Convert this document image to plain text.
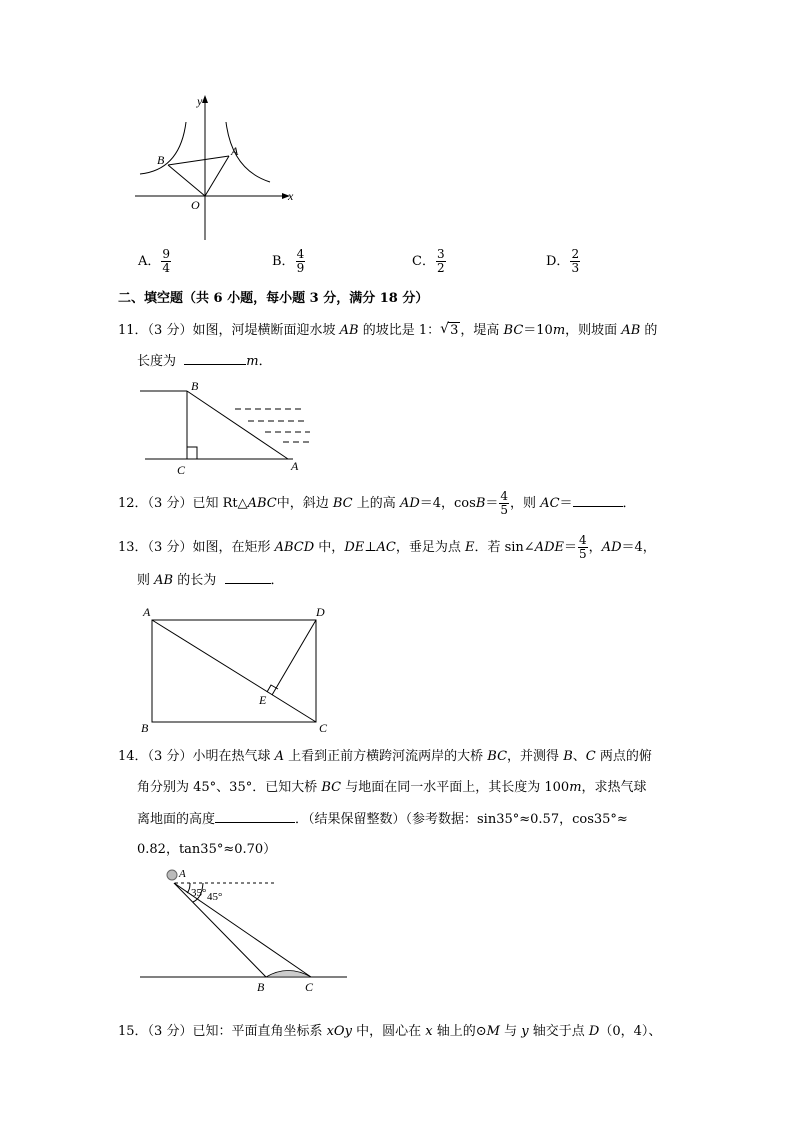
y
x
B
A
O
A． $\frac{9}{4}$	B． $\frac{4}{9}$	C． $\frac{3}{2}$	D． $\frac{2}{3}$
二、填空题（共 6 小题，每小题 3 分，满分 18 分）
11．（3 分）如图，河堤横断面迎水坡 AB 的坡比是 1： √ 3 ，堤高 BC＝10m，则坡面 AB 的
长度为	m．
B
C	A
12．（3 分）已知 Rt△ABC中，斜边 BC 上的高 AD＝4，$\cos B= \frac{4}{5}$ ，则 AC＝	．
13．（3 分）如图，在矩形 ABCD 中，DE⊥AC，垂足为点 E．若 sin∠ADE＝ $\frac{4}{5}$ ，AD＝4，
则 AB 的长为	．
A	D
B	C
E
14．（3 分）小明在热气球 A 上看到正前方横跨河流两岸的大桥 BC，并测得 B、C 两点的俯
角分别为 45°、35°．已知大桥 BC 与地面在同一水平面上，其长度为 100m，求热气球
离地面的高度	．（结果保留整数）（参考数据：sin35°≈0.57，cos35°≈
0.82，tan35°≈0.70）
A
35° 45°
B	C
15．（3 分）已知：平面直角坐标系 xOy 中，圆心在 x 轴上的⊙M 与 y 轴交于点 D（0，4）、
